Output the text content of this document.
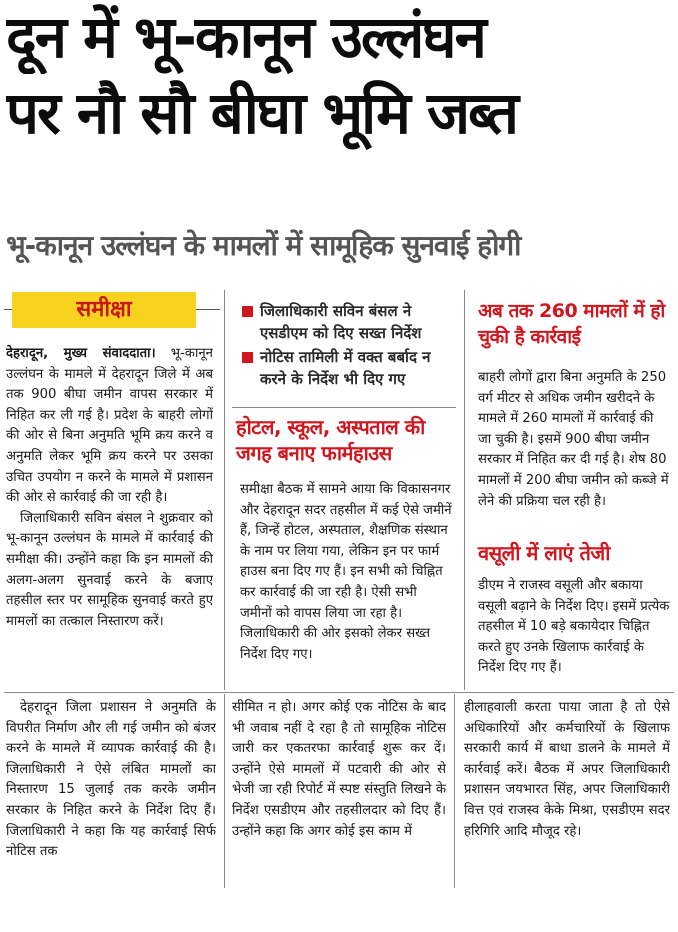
दून में भू-कानून उल्लंघन
पर नौ सौ बीघा भूमि जब्त
भू-कानून उल्लंघन के मामलों में सामूहिक सुनवाई होगी
समीक्षा

देहरादून, मुख्य संवाददाता। भू-कानून उल्लंघन के मामले में देहरादून जिले में अब तक 900 बीघा जमीन वापस सरकार में निहित कर ली गई है। प्रदेश के बाहरी लोगों की ओर से बिना अनुमति भूमि क्रय करने व अनुमति लेकर भूमि क्रय करने पर उसका उचित उपयोग न करने के मामले में प्रशासन की ओर से कार्रवाई की जा रही है।

जिलाधिकारी सविन बंसल ने शुक्रवार को भू-कानून उल्लंघन के मामले में कार्रवाई की समीक्षा की। उन्होंने कहा कि इन मामलों की अलग-अलग सुनवाई करने के बजाए तहसील स्तर पर सामूहिक सुनवाई करते हुए मामलों का तत्काल निस्तारण करें।

जिलाधिकारी सविन बंसल ने एसडीएम को दिए सख्त निर्देश
नोटिस तामिली में वक्त बर्बाद न करने के निर्देश भी दिए गए
होटल, स्कूल, अस्पताल की जगह बनाए फार्महाउस
समीक्षा बैठक में सामने आया कि विकासनगर और देहरादून सदर तहसील में कई ऐसे जमीनें हैं, जिन्हें होटल, अस्पताल, शैक्षणिक संस्थान के नाम पर लिया गया, लेकिन इन पर फार्म हाउस बना दिए गए हैं। इन सभी को चिह्नित कर कार्रवाई की जा रही है। ऐसी सभी जमीनों को वापस लिया जा रहा है। जिलाधिकारी की ओर इसको लेकर सख्त निर्देश दिए गए।
अब तक 260 मामलों में हो चुकी है कार्रवाई
बाहरी लोगों द्वारा बिना अनुमति के 250 वर्ग मीटर से अधिक जमीन खरीदने के मामले में 260 मामलों में कार्रवाई की जा चुकी है। इसमें 900 बीघा जमीन सरकार में निहित कर दी गई है। शेष 80 मामलों में 200 बीघा जमीन को कब्जे में लेने की प्रक्रिया चल रही है।
वसूली में लाएं तेजी
डीएम ने राजस्व वसूली और बकाया वसूली बढ़ाने के निर्देश दिए। इसमें प्रत्येक तहसील में 10 बड़े बकायेदार चिह्नित करते हुए उनके खिलाफ कार्रवाई के निर्देश दिए गए हैं।

देहरादून जिला प्रशासन ने अनुमति के विपरीत निर्माण और ली गई जमीन को बंजर करने के मामले में व्यापक कार्रवाई की है। जिलाधिकारी ने ऐसे लंबित मामलों का निस्तारण 15 जुलाई तक करके जमीन सरकार के निहित करने के निर्देश दिए हैं। जिलाधिकारी ने कहा कि यह कार्रवाई सिर्फ नोटिस तक

सीमित न हो। अगर कोई एक नोटिस के बाद भी जवाब नहीं दे रहा है तो सामूहिक नोटिस जारी कर एकतरफा कार्रवाई शुरू कर दें। उन्होंने ऐसे मामलों में पटवारी की ओर से भेजी जा रही रिपोर्ट में स्पष्ट संस्तुति लिखने के निर्देश एसडीएम और तहसीलदार को दिए हैं। उन्होंने कहा कि अगर कोई इस काम में
हीलाहवाली करता पाया जाता है तो ऐसे अधिकारियों और कर्मचारियों के खिलाफ सरकारी कार्य में बाधा डालने के मामले में कार्रवाई करें। बैठक में अपर जिलाधिकारी प्रशासन जयभारत सिंह, अपर जिलाधिकारी वित्त एवं राजस्व केके मिश्रा, एसडीएम सदर हरिगिरि आदि मौजूद रहे।
